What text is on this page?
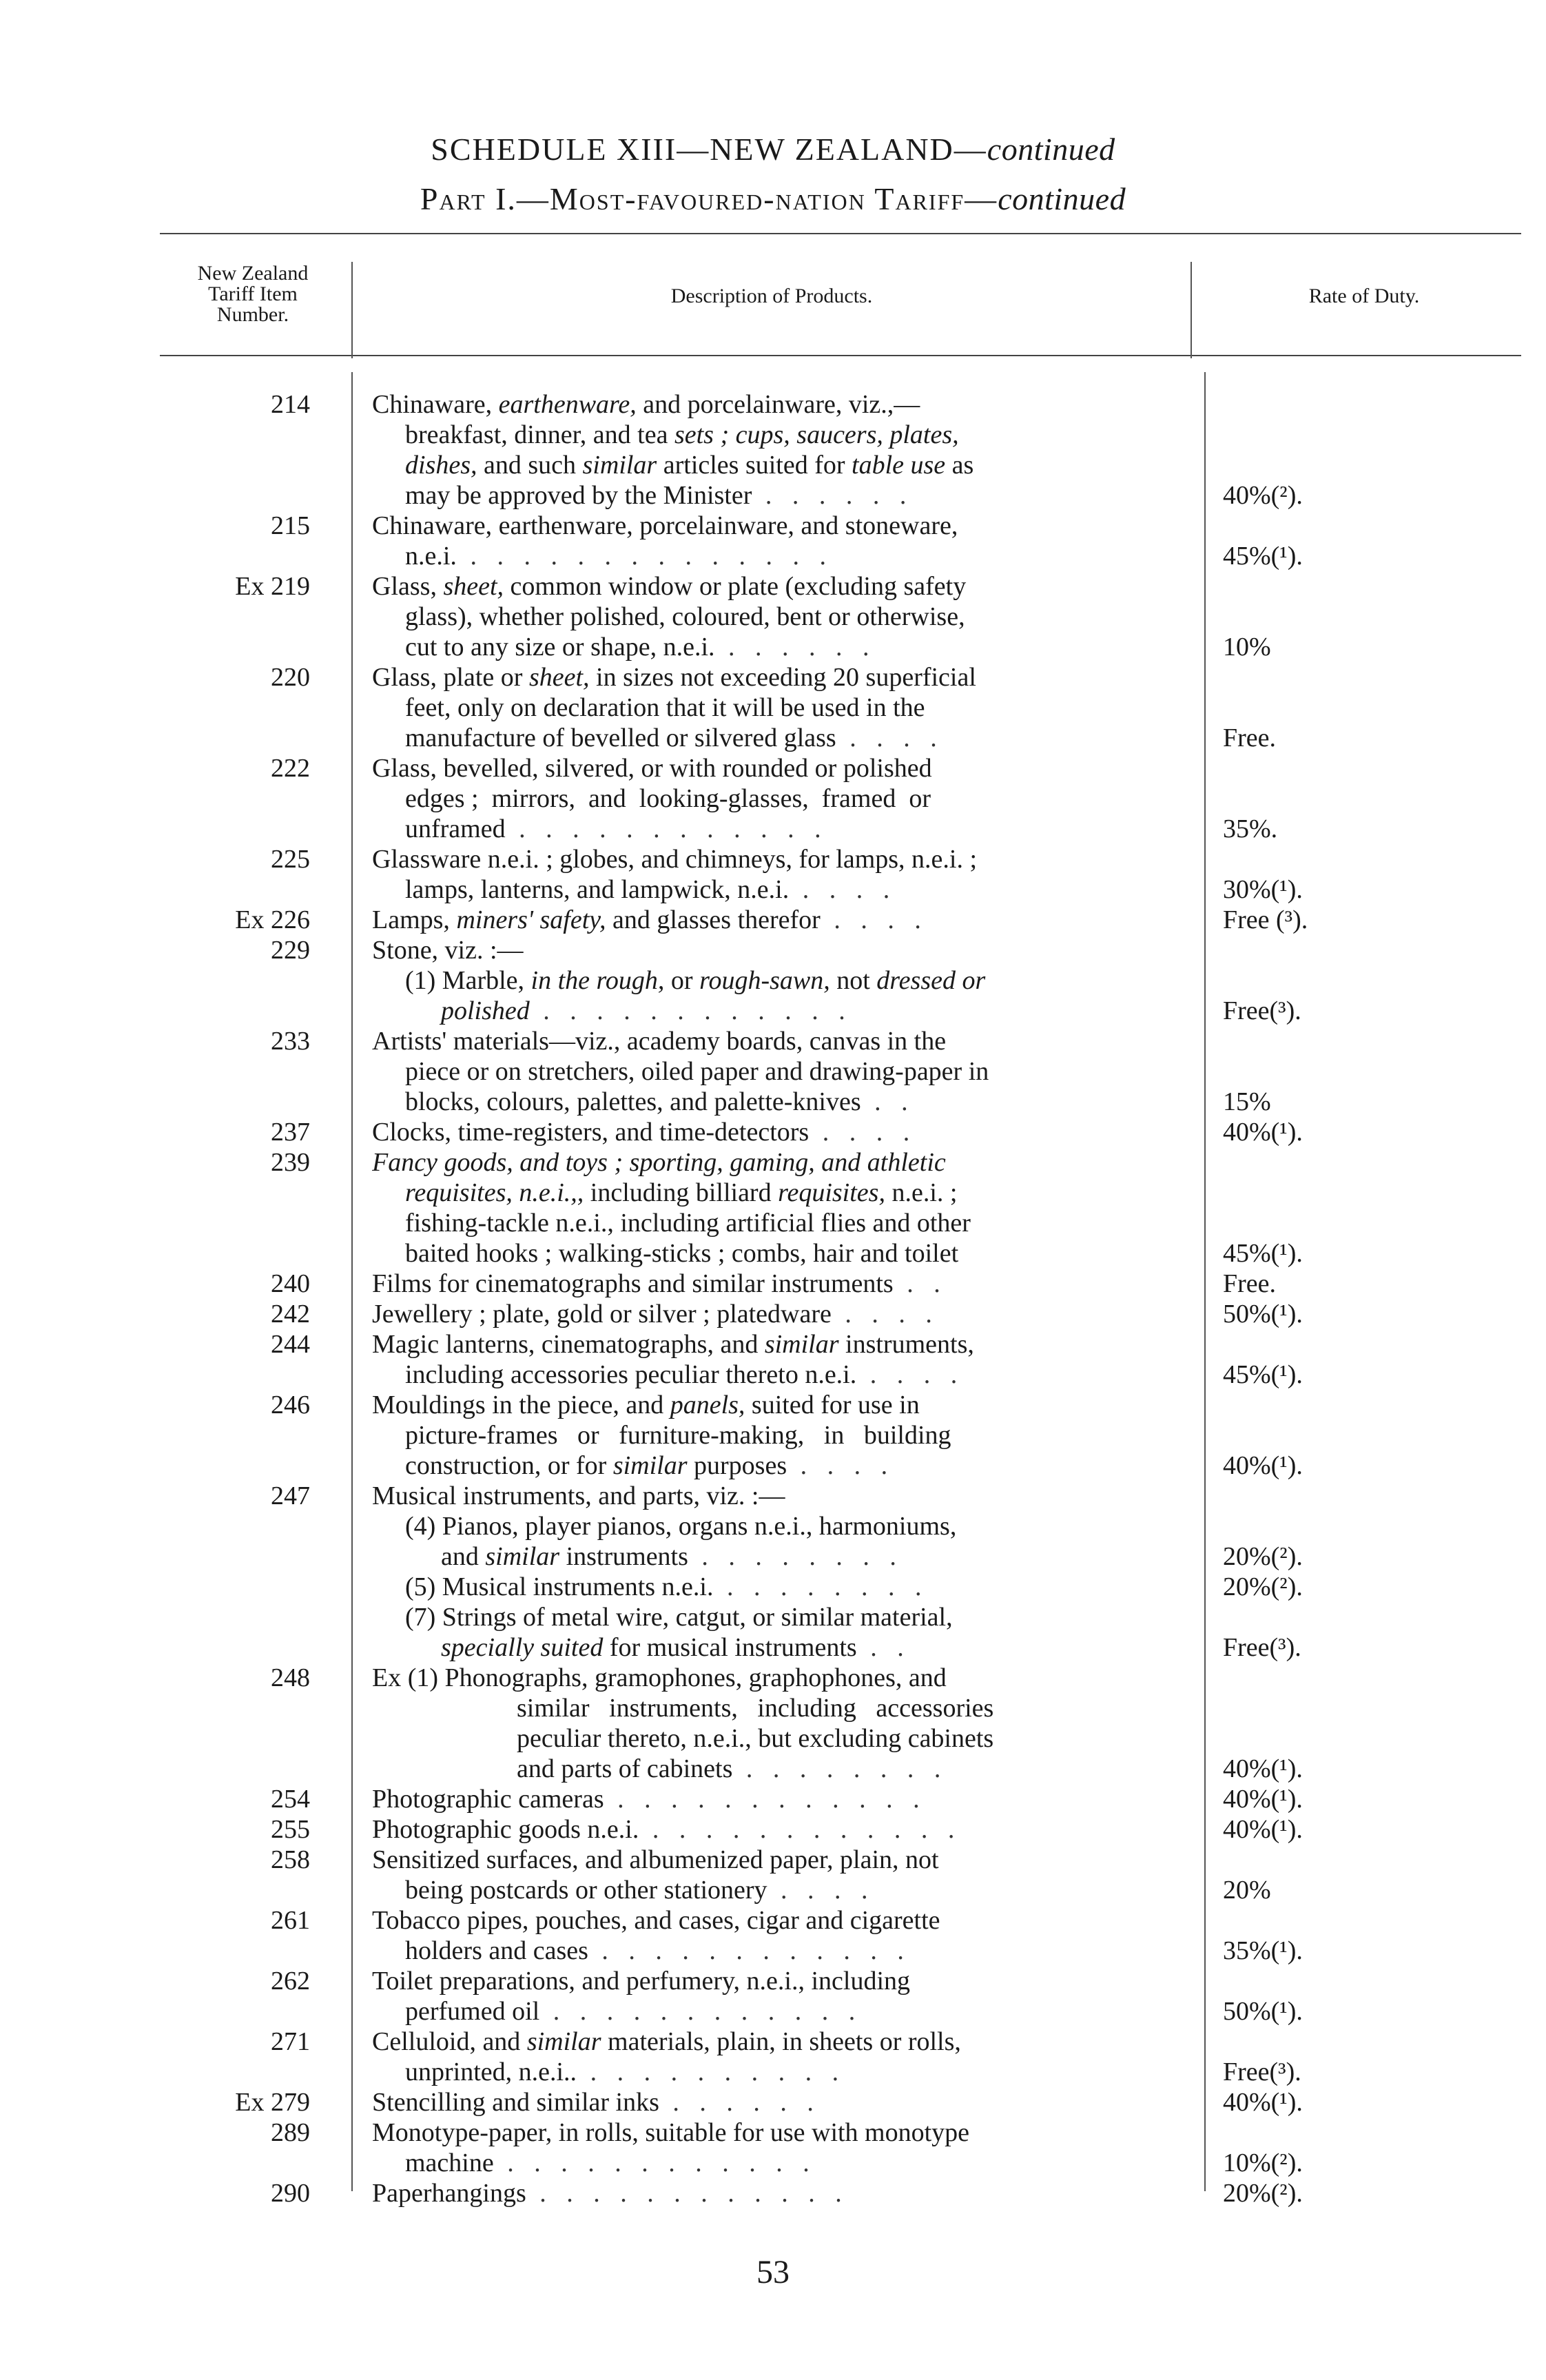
SCHEDULE XIII—NEW ZEALAND—continued
Part I.—Most-favoured-nation Tariff—continued
New Zealand
Tariff Item
Number.
Description of Products.	Rate of Duty.
214 Chinaware, earthenware, and porcelainware, viz.,—
breakfast, dinner, and tea sets ; cups, saucers, plates,
dishes, and such similar articles suited for table use as
may be approved by the Minister . . . . . .	40%(²).
215 Chinaware, earthenware, porcelainware, and stoneware,
n.e.i. . . . . . . . . . . . . . .	45%(¹).
Ex 219 Glass, sheet, common window or plate (excluding safety
glass), whether polished, coloured, bent or otherwise,
cut to any size or shape, n.e.i. . . . . . .	10%
220 Glass, plate or sheet, in sizes not exceeding 20 superficial
feet, only on declaration that it will be used in the
manufacture of bevelled or silvered glass . . . .	Free.
222 Glass, bevelled, silvered, or with rounded or polished
edges ;  mirrors,  and  looking-glasses,  framed  or
unframed . . . . . . . . . . . .	35%.
225 Glassware n.e.i. ; globes, and chimneys, for lamps, n.e.i. ;
lamps, lanterns, and lampwick, n.e.i. . . . .	30%(¹).
Ex 226 Lamps, miners' safety, and glasses therefor . . . .	Free (³).
229 Stone, viz. :—
(1) Marble, in the rough, or rough-sawn, not dressed or
polished . . . . . . . . . . . .	Free(³).
233 Artists' materials—viz., academy boards, canvas in the
piece or on stretchers, oiled paper and drawing-paper in
blocks, colours, palettes, and palette-knives . .	15%
237 Clocks, time-registers, and time-detectors . . . .	40%(¹).
239 Fancy goods, and toys ; sporting, gaming, and athletic
requisites, n.e.i.,, including billiard requisites, n.e.i. ;
fishing-tackle n.e.i., including artificial flies and other
baited hooks ; walking-sticks ; combs, hair and toilet	45%(¹).
240 Films for cinematographs and similar instruments . .	Free.
242 Jewellery ; plate, gold or silver ; platedware . . . .	50%(¹).
244 Magic lanterns, cinematographs, and similar instruments,
including accessories peculiar thereto n.e.i. . . . .	45%(¹).
246 Mouldings in the piece, and panels, suited for use in
picture-frames   or   furniture-making,   in   building
construction, or for similar purposes . . . .	40%(¹).
247 Musical instruments, and parts, viz. :—
(4) Pianos, player pianos, organs n.e.i., harmoniums,
and similar instruments . . . . . . . .	20%(²).
(5) Musical instruments n.e.i. . . . . . . . .	20%(²).
(7) Strings of metal wire, catgut, or similar material,
specially suited for musical instruments . .	Free(³).
248 Ex (1) Phonographs, gramophones, graphophones, and
similar   instruments,   including   accessories
peculiar thereto, n.e.i., but excluding cabinets
and parts of cabinets . . . . . . . .	40%(¹).
254 Photographic cameras . . . . . . . . . . . .	40%(¹).
255 Photographic goods n.e.i. . . . . . . . . . . . .	40%(¹).
258 Sensitized surfaces, and albumenized paper, plain, not
being postcards or other stationery . . . .	20%
261 Tobacco pipes, pouches, and cases, cigar and cigarette
holders and cases . . . . . . . . . . . .	35%(¹).
262 Toilet preparations, and perfumery, n.e.i., including
perfumed oil . . . . . . . . . . . .	50%(¹).
271 Celluloid, and similar materials, plain, in sheets or rolls,
unprinted, n.e.i.. . . . . . . . . . .	Free(³).
Ex 279 Stencilling and similar inks . . . . . .	40%(¹).
289 Monotype-paper, in rolls, suitable for use with monotype
machine . . . . . . . . . . . .	10%(²).
290 Paperhangings . . . . . . . . . . . .	20%(²).
53
